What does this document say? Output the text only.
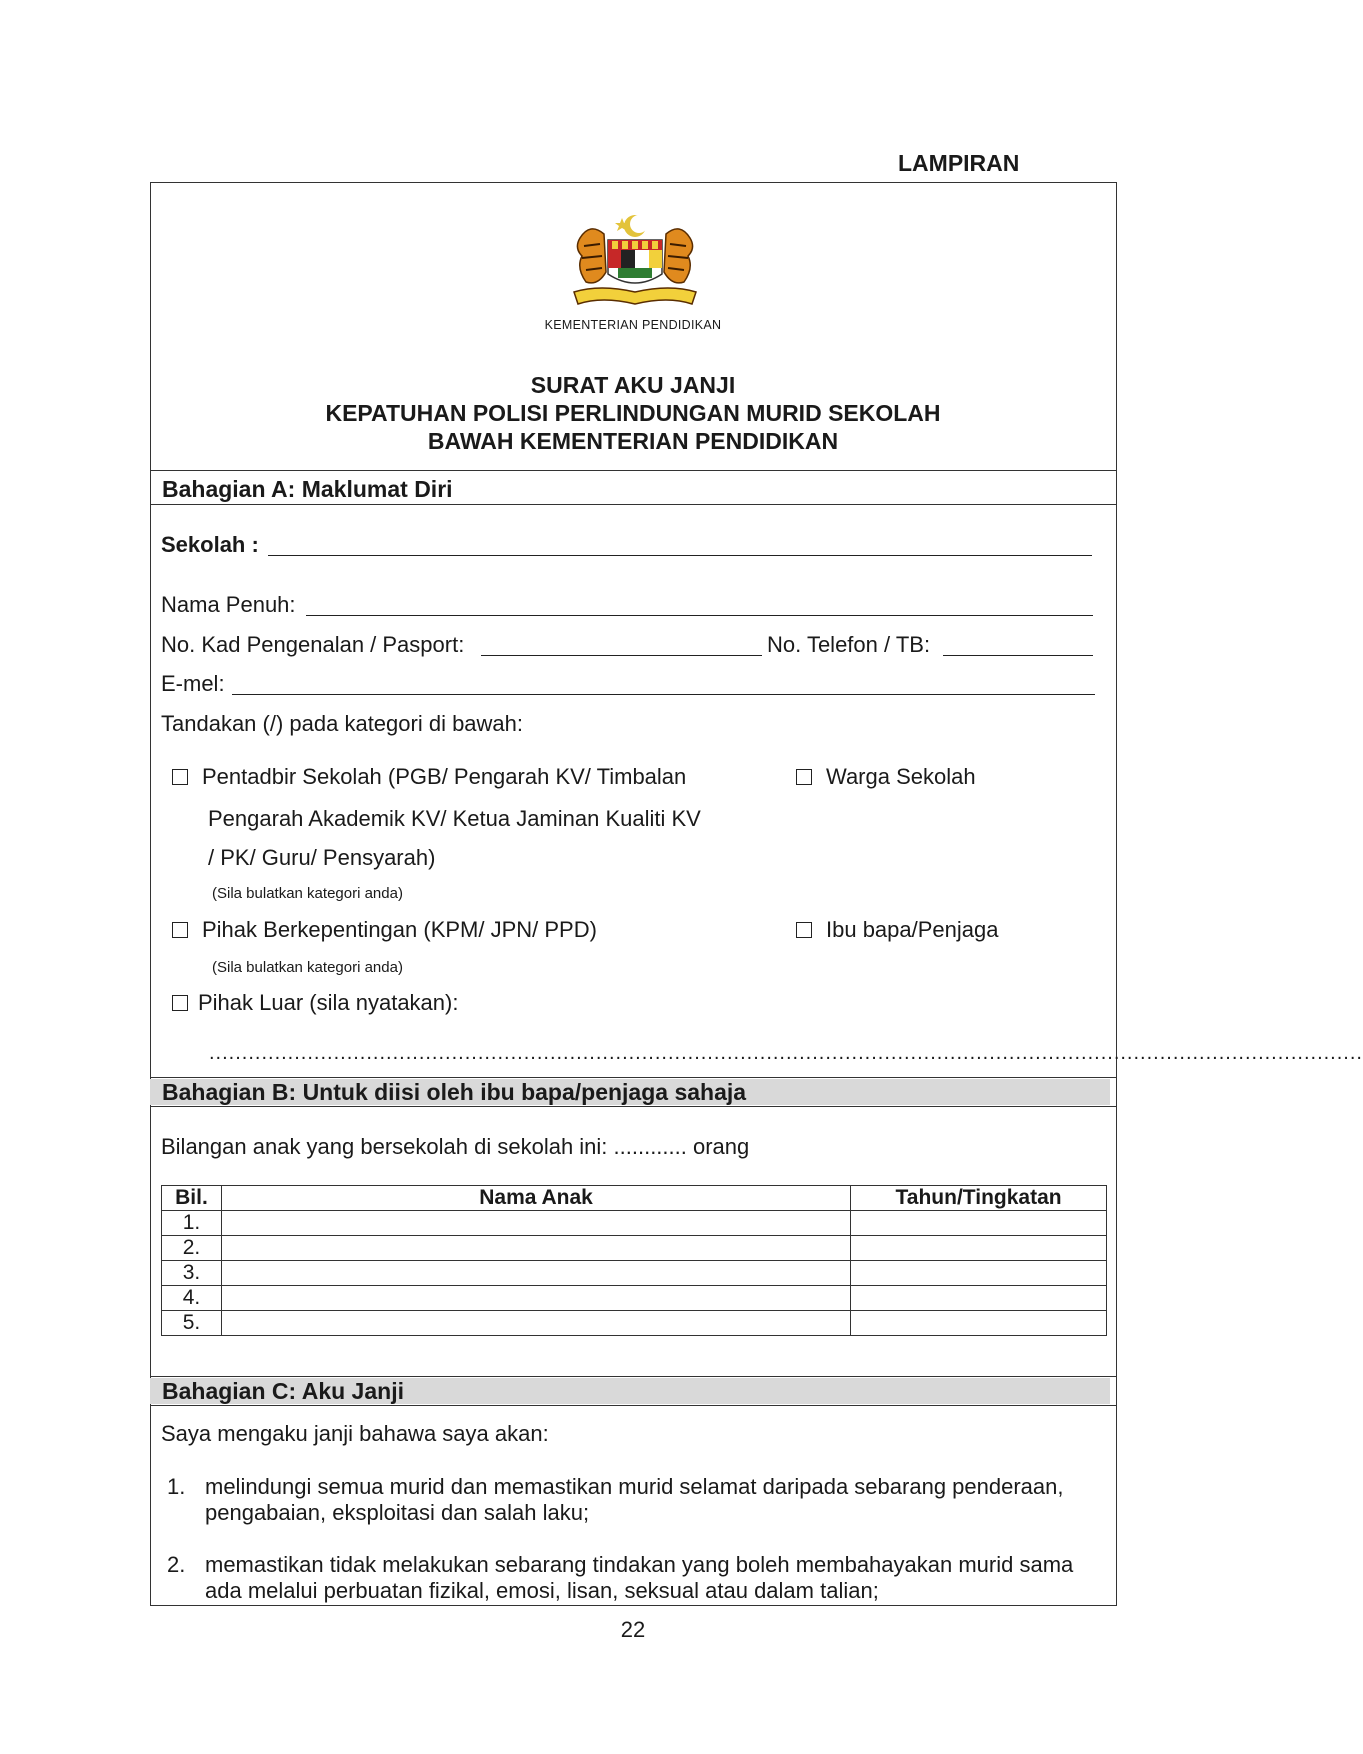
LAMPIRAN
KEMENTERIAN PENDIDIKAN
SURAT AKU JANJI
KEPATUHAN POLISI PERLINDUNGAN MURID SEKOLAH
BAWAH KEMENTERIAN PENDIDIKAN
Bahagian A: Maklumat Diri
Sekolah :
Nama Penuh:
No. Kad Pengenalan / Pasport:	No. Telefon / TB:
E-mel:
Tandakan (/) pada kategori di bawah:
Pentadbir Sekolah (PGB/ Pengarah KV/ Timbalan
Pengarah Akademik KV/ Ketua Jaminan Kualiti KV
/ PK/ Guru/ Pensyarah)
(Sila bulatkan kategori anda)
Warga Sekolah
Pihak Berkepentingan (KPM/ JPN/ PPD)	Ibu bapa/Penjaga
(Sila bulatkan kategori anda)
Pihak Luar (sila nyatakan):
................................................................................................................................................................................
Bahagian B: Untuk diisi oleh ibu bapa/penjaga sahaja
Bilangan anak yang bersekolah di sekolah ini: ............ orang
Bil.	Nama Anak	Tahun/Tingkatan
1.		
2.		
3.		
4.		
5.		
Bahagian C: Aku Janji
Saya mengaku janji bahawa saya akan:
1. melindungi semua murid dan memastikan murid selamat daripada sebarang penderaan,
pengabaian, eksploitasi dan salah laku;
2. memastikan tidak melakukan sebarang tindakan yang boleh membahayakan murid sama
ada melalui perbuatan fizikal, emosi, lisan, seksual atau dalam talian;
22
